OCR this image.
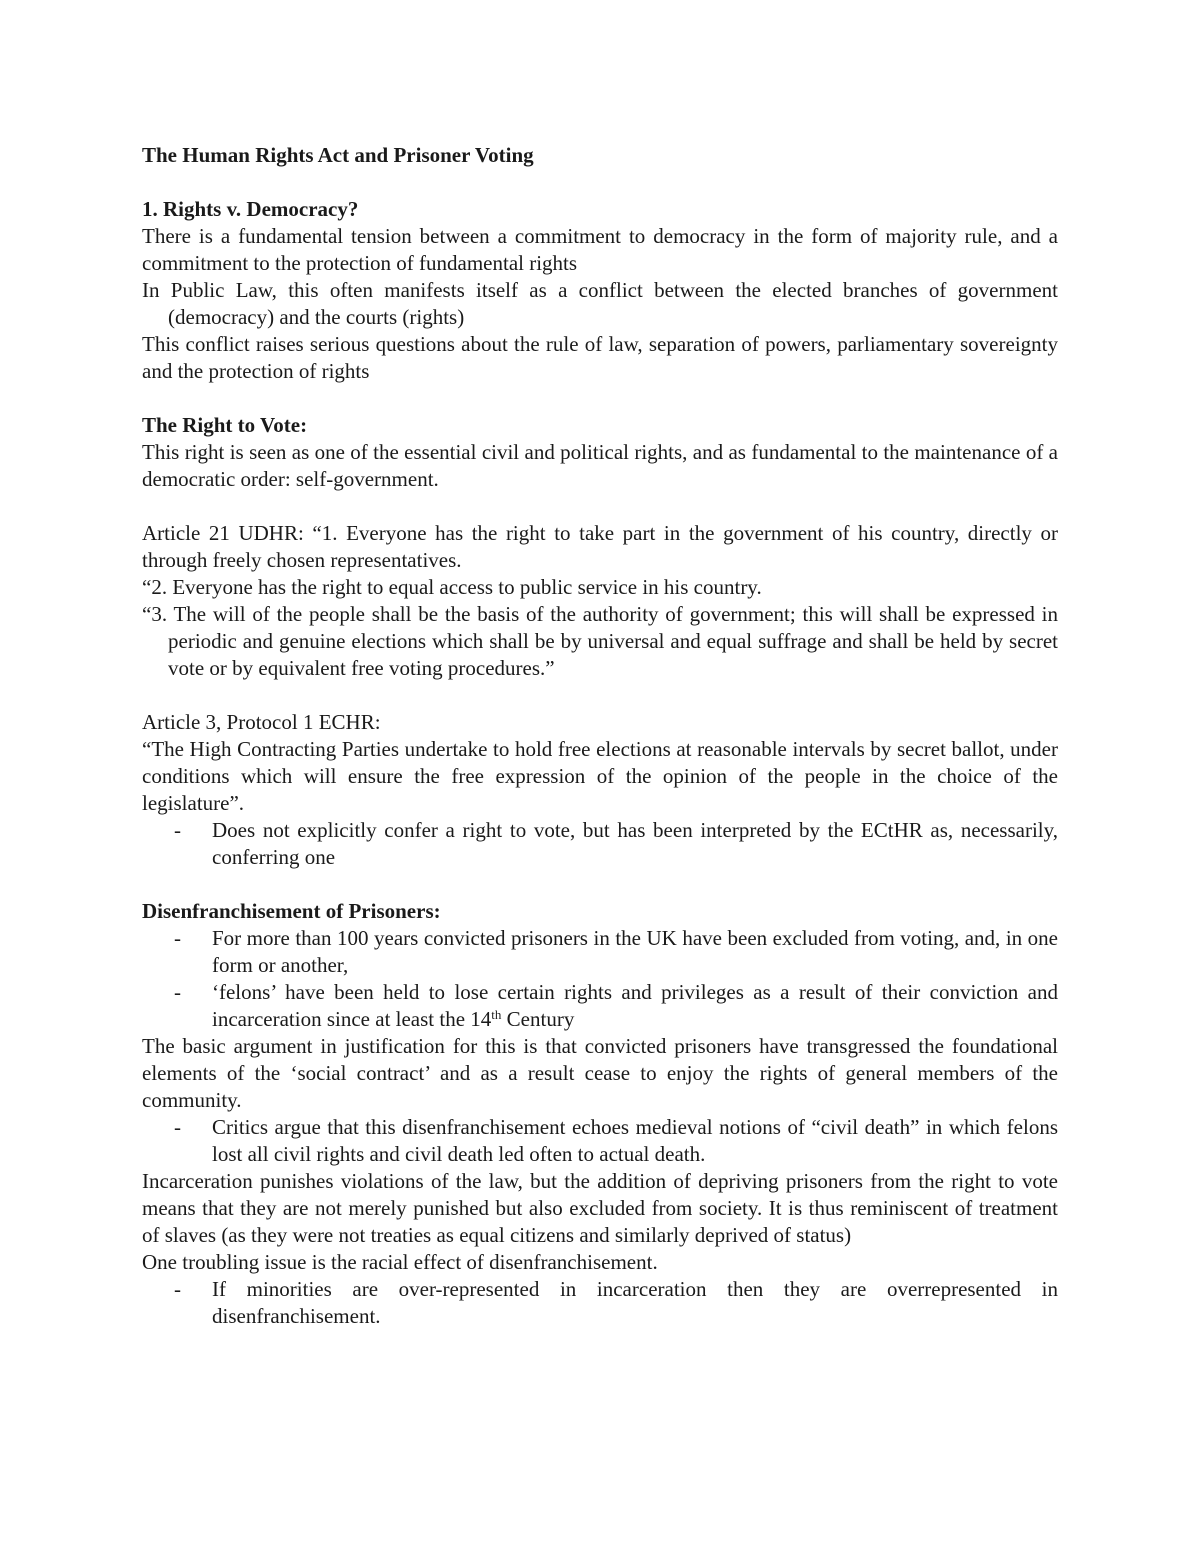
The Human Rights Act and Prisoner Voting

1. Rights v. Democracy?

There is a fundamental tension between a commitment to democracy in the form of majority rule, and a commitment to the protection of fundamental rights

In Public Law, this often manifests itself as a conflict between the elected branches of government (democracy) and the courts (rights)

This conflict raises serious questions about the rule of law, separation of powers, parliamentary sovereignty and the protection of rights

The Right to Vote:

This right is seen as one of the essential civil and political rights, and as fundamental to the maintenance of a democratic order: self-government.

Article 21 UDHR: “1. Everyone has the right to take part in the government of his country, directly or through freely chosen representatives.

“2. Everyone has the right to equal access to public service in his country.

“3. The will of the people shall be the basis of the authority of government; this will shall be expressed in periodic and genuine elections which shall be by universal and equal suffrage and shall be held by secret vote or by equivalent free voting procedures.”

Article 3, Protocol 1 ECHR:

“The High Contracting Parties undertake to hold free elections at reasonable intervals by secret ballot, under conditions which will ensure the free expression of the opinion of the people in the choice of the legislature”.

- Does not explicitly confer a right to vote, but has been interpreted by the ECtHR as, necessarily, conferring one

Disenfranchisement of Prisoners:

- For more than 100 years convicted prisoners in the UK have been excluded from voting, and, in one form or another,

- ‘felons’ have been held to lose certain rights and privileges as a result of their conviction and incarceration since at least the 14th Century

The basic argument in justification for this is that convicted prisoners have transgressed the foundational elements of the ‘social contract’ and as a result cease to enjoy the rights of general members of the community.

- Critics argue that this disenfranchisement echoes medieval notions of “civil death” in which felons lost all civil rights and civil death led often to actual death.

Incarceration punishes violations of the law, but the addition of depriving prisoners from the right to vote means that they are not merely punished but also excluded from society. It is thus reminiscent of treatment of slaves (as they were not treaties as equal citizens and similarly deprived of status)

One troubling issue is the racial effect of disenfranchisement.

- If minorities are over-represented in incarceration then they are overrepresented in disenfranchisement.
